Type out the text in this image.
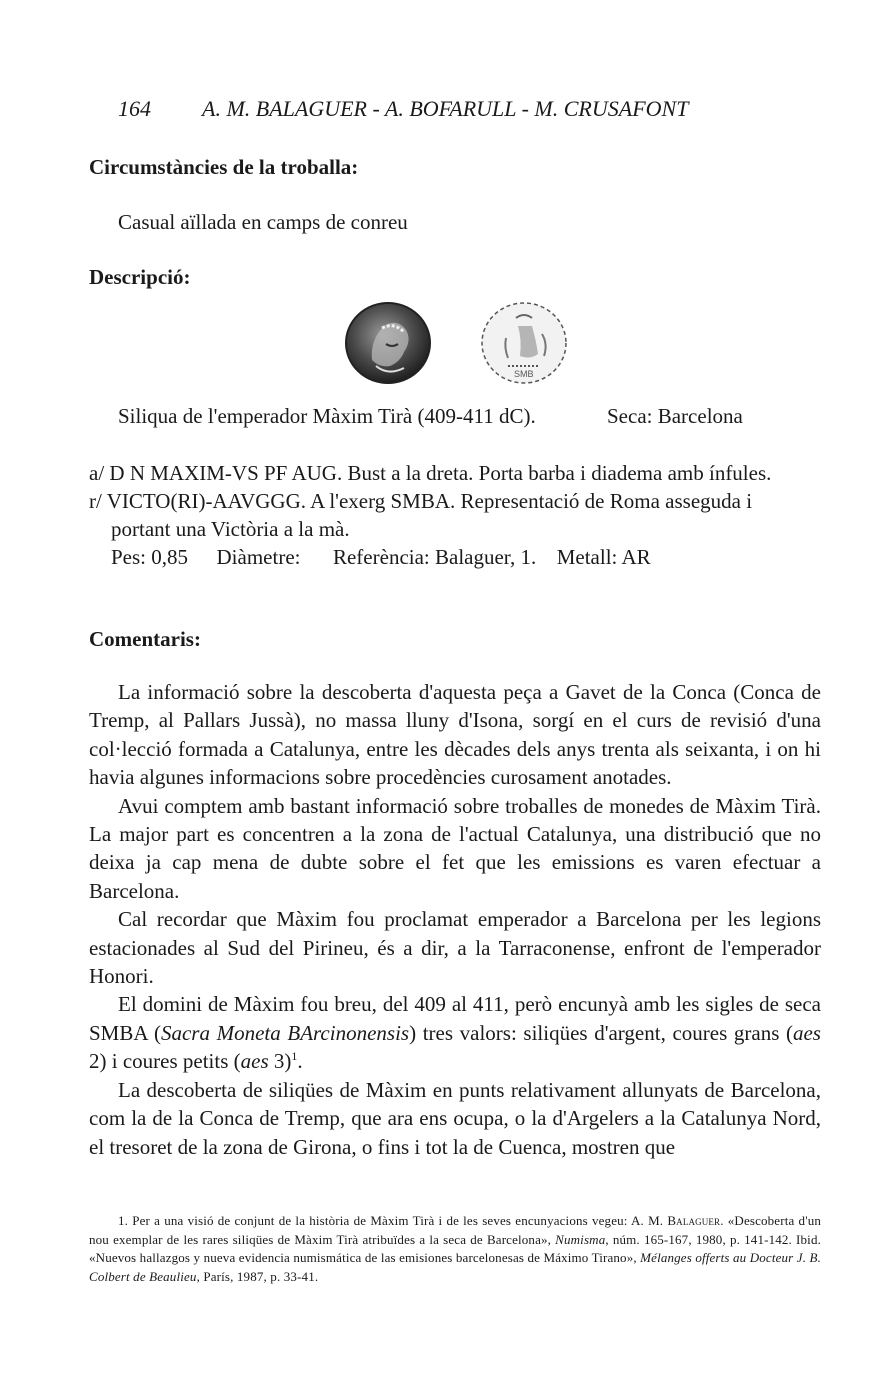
164 A. M. BALAGUER - A. BOFARULL - M. CRUSAFONT
Circumstàncies de la troballa:
Casual aïllada en camps de conreu
Descripció:
SMB
Siliqua de l'emperador Màxim Tirà (409-411 dC).	Seca: Barcelona
a/ D N MAXIM-VS PF AUG. Bust a la dreta. Porta barba i diadema amb ínfules.
r/ VICTO(RI)-AAVGGG. A l'exerg SMBA. Representació de Roma asseguda i
portant una Victòria a la mà.
Pes: 0,85 Diàmetre: Referència: Balaguer, 1. Metall: AR
Comentaris:

La informació sobre la descoberta d'aquesta peça a Gavet de la Conca (Conca de Tremp, al Pallars Jussà), no massa lluny d'Isona, sorgí en el curs de revisió d'una col·lecció formada a Catalunya, entre les dècades dels anys trenta als seixanta, i on hi havia algunes informacions sobre procedències curosament anotades.

Avui comptem amb bastant informació sobre troballes de monedes de Màxim Tirà. La major part es concentren a la zona de l'actual Catalunya, una distribució que no deixa ja cap mena de dubte sobre el fet que les emissions es varen efectuar a Barcelona.

Cal recordar que Màxim fou proclamat emperador a Barcelona per les legions estacionades al Sud del Pirineu, és a dir, a la Tarraconense, enfront de l'emperador Honori.

El domini de Màxim fou breu, del 409 al 411, però encunyà amb les sigles de seca SMBA (Sacra Moneta BArcinonensis) tres valors: siliqües d'argent, coures grans (aes 2) i coures petits (aes 3)$^1$.

La descoberta de siliqües de Màxim en punts relativament allunyats de Barcelona, com la de la Conca de Tremp, que ara ens ocupa, o la d'Argelers a la Catalunya Nord, el tresoret de la zona de Girona, o fins i tot la de Cuenca, mostren que

1. Per a una visió de conjunt de la història de Màxim Tirà i de les seves encunyacions vegeu: A. M. Balaguer. «Descoberta d'un nou exemplar de les rares siliqües de Màxim Tirà atribuïdes a la seca de Barcelona», Numisma, núm. 165-167, 1980, p. 141-142. Ibid. «Nuevos hallazgos y nueva evidencia numismática de las emisiones barcelonesas de Máximo Tirano», Mélanges offerts au Docteur J. B. Colbert de Beaulieu, París, 1987, p. 33-41.
